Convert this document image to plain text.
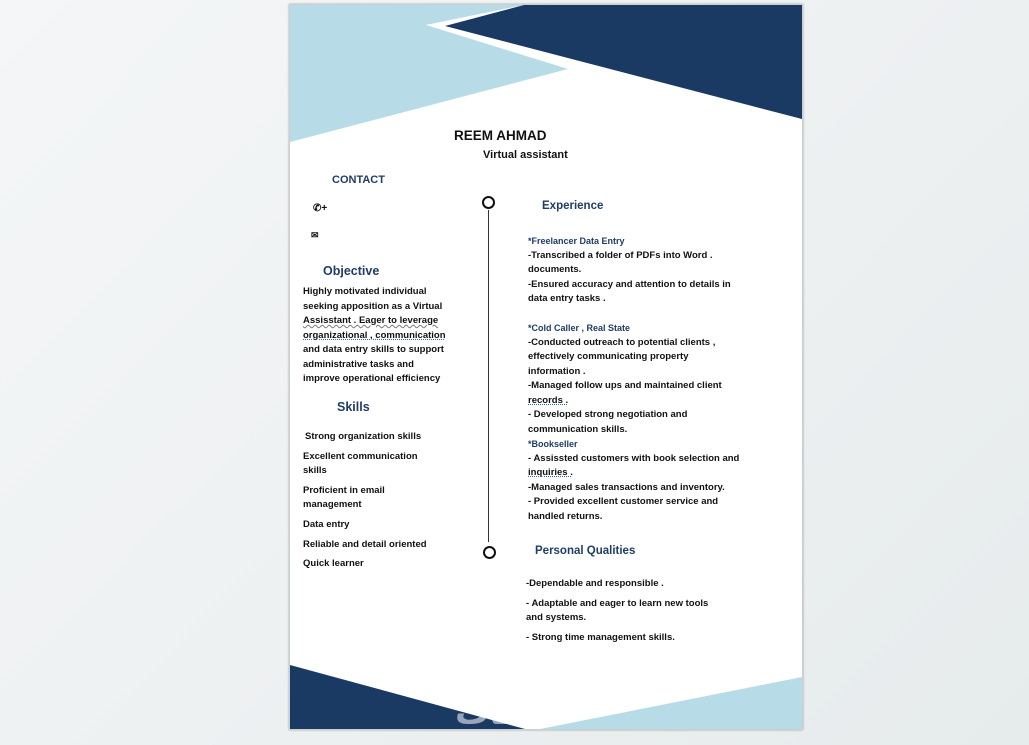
REEM AHMAD
Virtual assistant
CONTACT
✆+
✉
Objective
Highly motivated individual
seeking apposition as a Virtual
Assisstant . Eager to leverage
organizational , communication
and data entry skills to support
administrative tasks and
improve operational efficiency
Skills
Strong organization skills
Excellent communication
skills
Proficient in email
management
Data entry
Reliable and detail oriented
Quick learner
Experience
*Freelancer Data Entry
-Transcribed a folder of PDFs into Word .
documents.
-Ensured accuracy and attention to details in
data entry tasks .
*Cold Caller , Real State
-Conducted outreach to potential clients ,
effectively communicating property
information .
-Managed follow ups and maintained client
records .
- Developed strong negotiation and
communication skills.
*Bookseller
- Assissted customers with book selection and
inquiries .
-Managed sales transactions and inventory.
- Provided excellent customer service and
handled returns.
Personal Qualities
-Dependable and responsible .
- Adaptable and eager to learn new tools
and systems.
- Strong time management skills.
خمسات
